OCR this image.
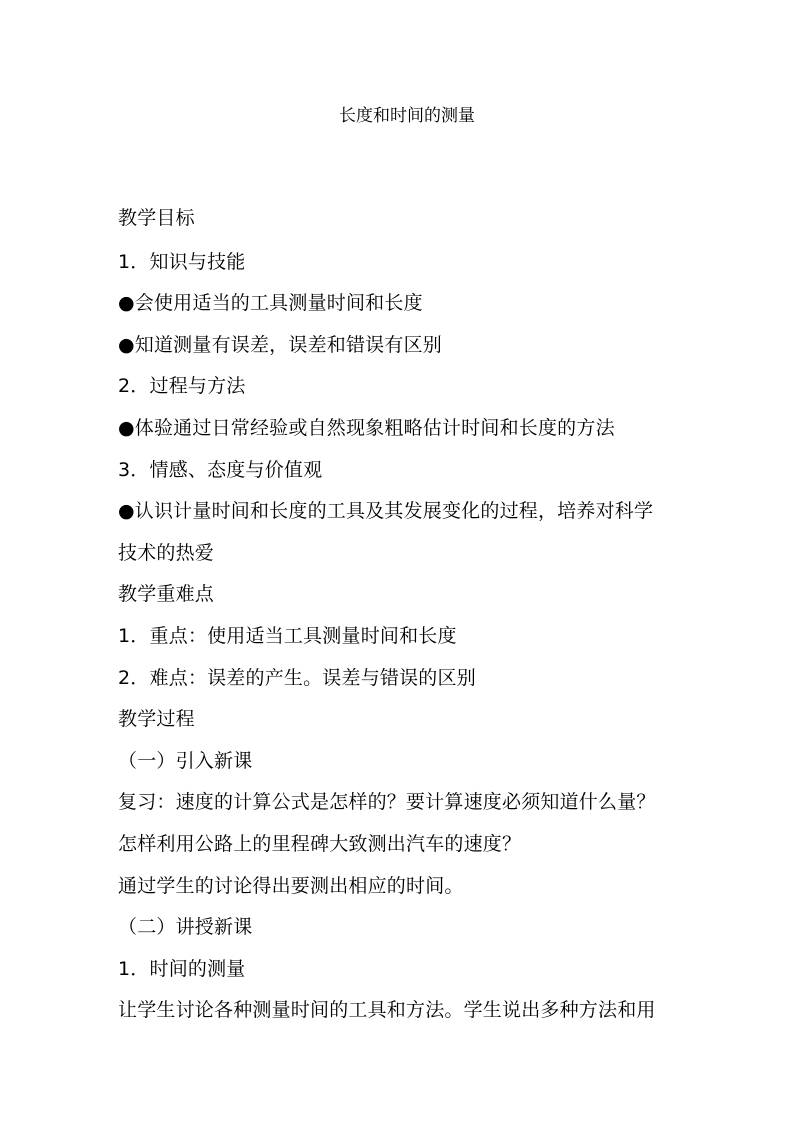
长度和时间的测量
教学目标
1．知识与技能
●会使用适当的工具测量时间和长度
●知道测量有误差，误差和错误有区别
2．过程与方法
●体验通过日常经验或自然现象粗略估计时间和长度的方法
3．情感、态度与价值观
●认识计量时间和长度的工具及其发展变化的过程，培养对科学
技术的热爱
教学重难点
1．重点：使用适当工具测量时间和长度
2．难点：误差的产生。误差与错误的区别
教学过程
（一）引入新课
复习：速度的计算公式是怎样的？要计算速度必须知道什么量？
怎样利用公路上的里程碑大致测出汽车的速度？
通过学生的讨论得出要测出相应的时间。
（二）讲授新课
1．时间的测量
让学生讨论各种测量时间的工具和方法。学生说出多种方法和用
